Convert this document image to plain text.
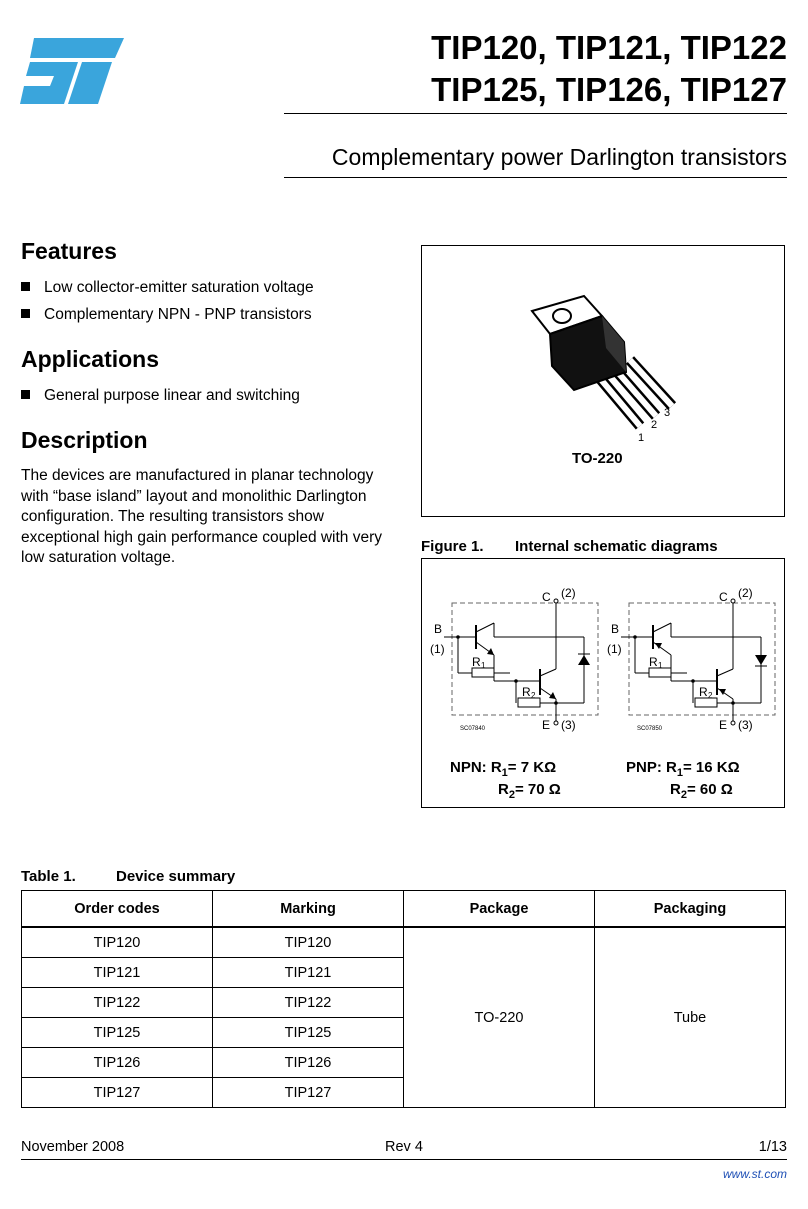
ST	TIP120, TIP121, TIP122
TIP125, TIP126, TIP127
Complementary power Darlington transistors
Features
Low collector-emitter saturation voltage
Complementary NPN - PNP transistors
Applications
General purpose linear and switching
Description
The devices are manufactured in planar technology with “base island” layout and monolithic Darlington configuration. The resulting transistors show exceptional high gain performance coupled with very low saturation voltage.
1
2
3
TO-220
Figure 1. Internal schematic diagrams
B
(1)
C (2)
E (3)
R 1
R 2
SC07840
B
(1)
C (2)
E (3)
R 1
R 2
SC07850
NPN: $R_1= 7$ KΩ
$R_2= 70$ Ω
PNP: $R_1= 16$ KΩ
$R_2= 60$ Ω
Table 1.	Device summary
Order codes	Marking	Package	Packaging
TIP120	TIP120	TO-220	Tube
TIP121	TIP121		
TIP122	TIP122		
TIP125	TIP125		
TIP126	TIP126		
TIP127	TIP127		
November 2008	Rev 4	1/13
www.st.com
